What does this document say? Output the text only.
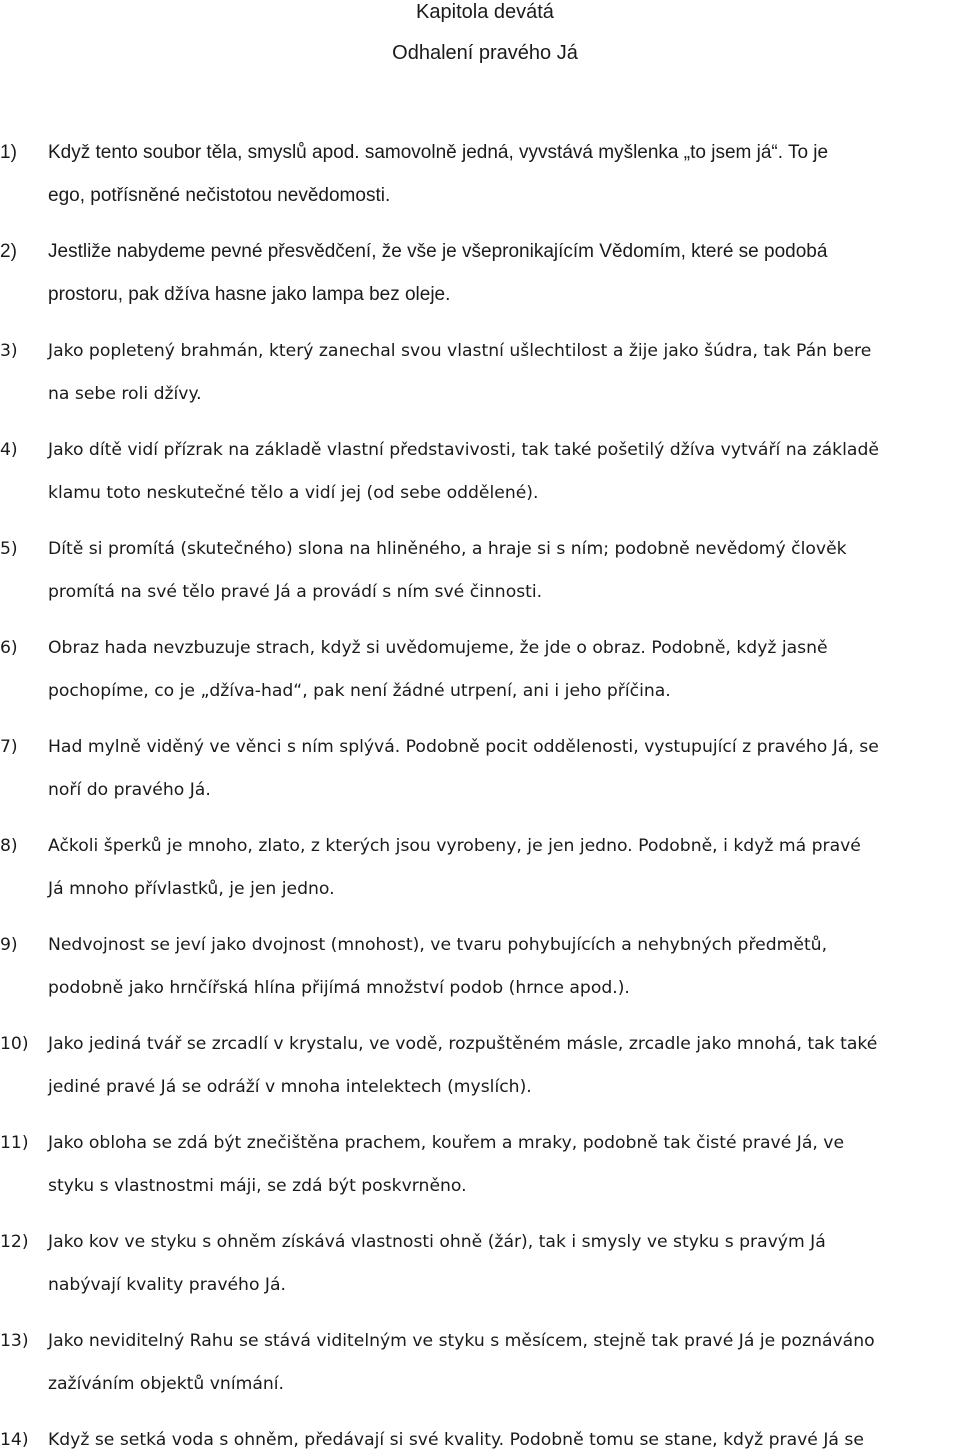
Kapitola devátá
Odhalení pravého Já
1) Když tento soubor těla, smyslů apod. samovolně jedná, vyvstává myšlenka „to jsem já“. To je
ego, potřísněné nečistotou nevědomosti.
2) Jestliže nabydeme pevné přesvědčení, že vše je všepronikajícím Vědomím, které se podobá
prostoru, pak džíva hasne jako lampa bez oleje.
3) Jako popletený brahmán, který zanechal svou vlastní ušlechtilost a žije jako šúdra, tak Pán bere
na sebe roli džívy.
4) Jako dítě vidí přízrak na základě vlastní představivosti, tak také pošetilý džíva vytváří na základě
klamu toto neskutečné tělo a vidí jej (od sebe oddělené).
5) Dítě si promítá (skutečného) slona na hliněného, a hraje si s ním; podobně nevědomý člověk
promítá na své tělo pravé Já a provádí s ním své činnosti.
6) Obraz hada nevzbuzuje strach, když si uvědomujeme, že jde o obraz. Podobně, když jasně
pochopíme, co je „džíva-had“, pak není žádné utrpení, ani i jeho příčina.
7) Had mylně viděný ve věnci s ním splývá. Podobně pocit oddělenosti, vystupující z pravého Já, se
noří do pravého Já.
8) Ačkoli šperků je mnoho, zlato, z kterých jsou vyrobeny, je jen jedno. Podobně, i když má pravé
Já mnoho přívlastků, je jen jedno.
9) Nedvojnost se jeví jako dvojnost (mnohost), ve tvaru pohybujících a nehybných předmětů,
podobně jako hrnčířská hlína přijímá množství podob (hrnce apod.).
10) Jako jediná tvář se zrcadlí v krystalu, ve vodě, rozpuštěném másle, zrcadle jako mnohá, tak také
jediné pravé Já se odráží v mnoha intelektech (myslích).
11) Jako obloha se zdá být znečištěna prachem, kouřem a mraky, podobně tak čisté pravé Já, ve
styku s vlastnostmi máji, se zdá být poskvrněno.
12) Jako kov ve styku s ohněm získává vlastnosti ohně (žár), tak i smysly ve styku s pravým Já
nabývají kvality pravého Já.
13) Jako neviditelný Rahu se stává viditelným ve styku s měsícem, stejně tak pravé Já je poznáváno
zažíváním objektů vnímání.
14) Když se setká voda s ohněm, předávají si své kvality. Podobně tomu se stane, když pravé Já se
